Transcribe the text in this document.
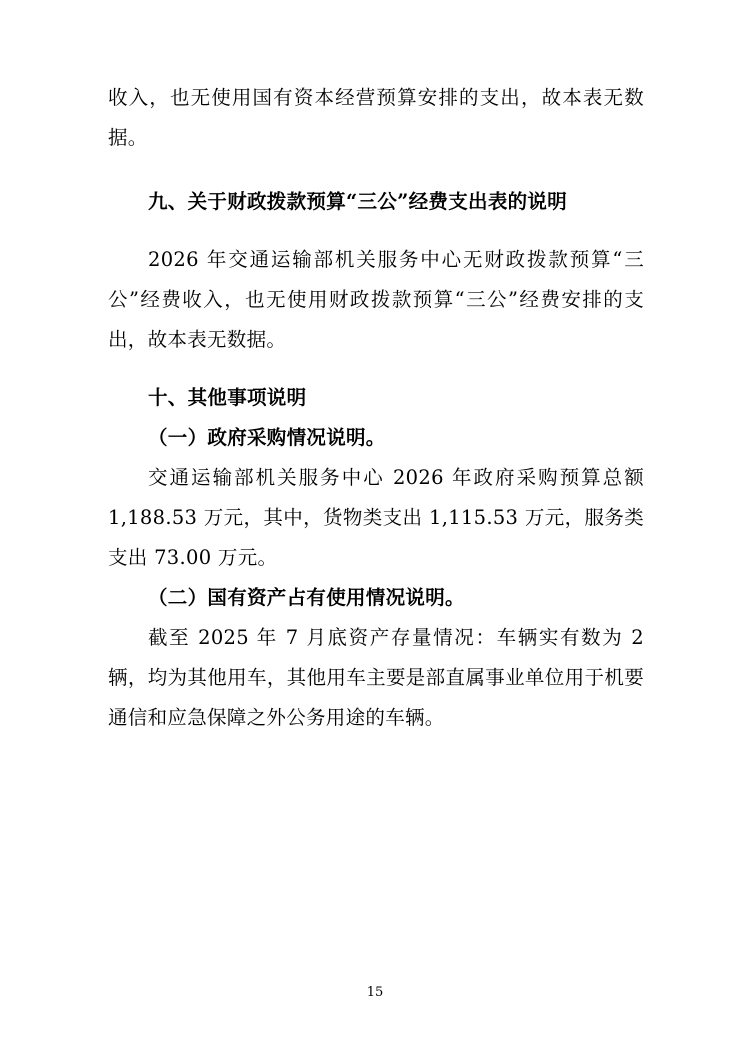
收入，也无使用国有资本经营预算安排的支出，故本表无数据。

九、关于财政拨款预算“三公”经费支出表的说明

2026 年交通运输部机关服务中心无财政拨款预算“三公”经费收入，也无使用财政拨款预算“三公”经费安排的支出，故本表无数据。

十、其他事项说明

（一）政府采购情况说明。

交通运输部机关服务中心 2026 年政府采购预算总额 1,188.53 万元，其中，货物类支出 1,115.53 万元，服务类支出 73.00 万元。

（二）国有资产占有使用情况说明。

截至 2025 年 7 月底资产存量情况：车辆实有数为 2 辆，均为其他用车，其他用车主要是部直属事业单位用于机要通信和应急保障之外公务用途的车辆。

15
